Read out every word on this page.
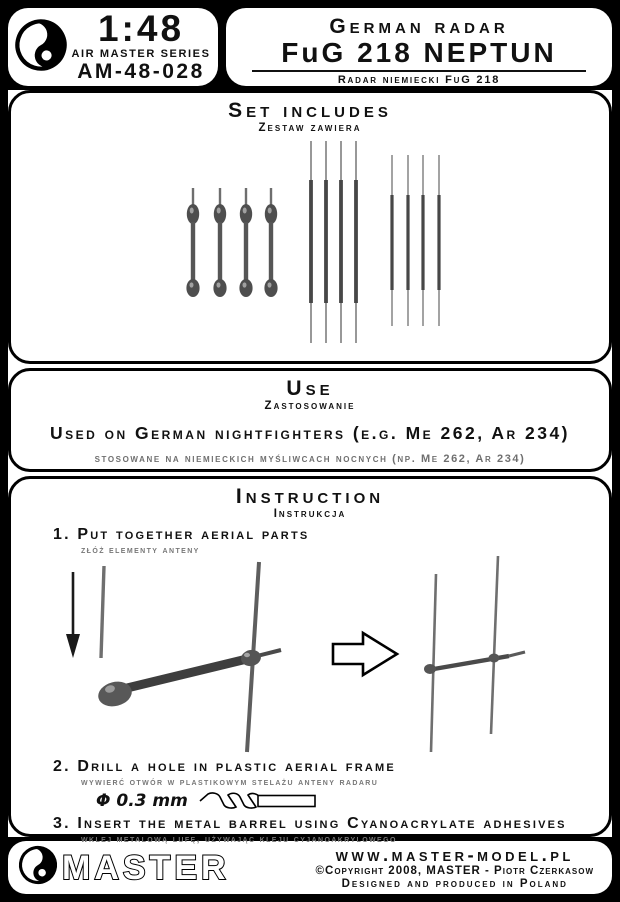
1:48
AIR MASTER SERIES
AM-48-028
German radar
FuG 218 NEPTUN
Radar niemiecki FuG 218
Set includes
Zestaw zawiera
Use
Zastosowanie
Used on German nightfighters (e.g. Me 262, Ar 234)
stosowane na niemieckich myśliwcach nocnych (np. Me 262, Ar 234)
Instruction
Instrukcja
1. Put together aerial parts
złóż elementy anteny
2. Drill a hole in plastic aerial frame
wywierć otwór w plastikowym stelażu anteny radaru
Φ 0.3 mm
3. Insert the metal barrel using Cyanoacrylate adhesives
wklej metalową lufę, używając kleju cyjanoakrylowego
MASTER	www.master-model.pl
©Copyright 2008, MASTER - Piotr Czerkasow
Designed and produced in Poland
